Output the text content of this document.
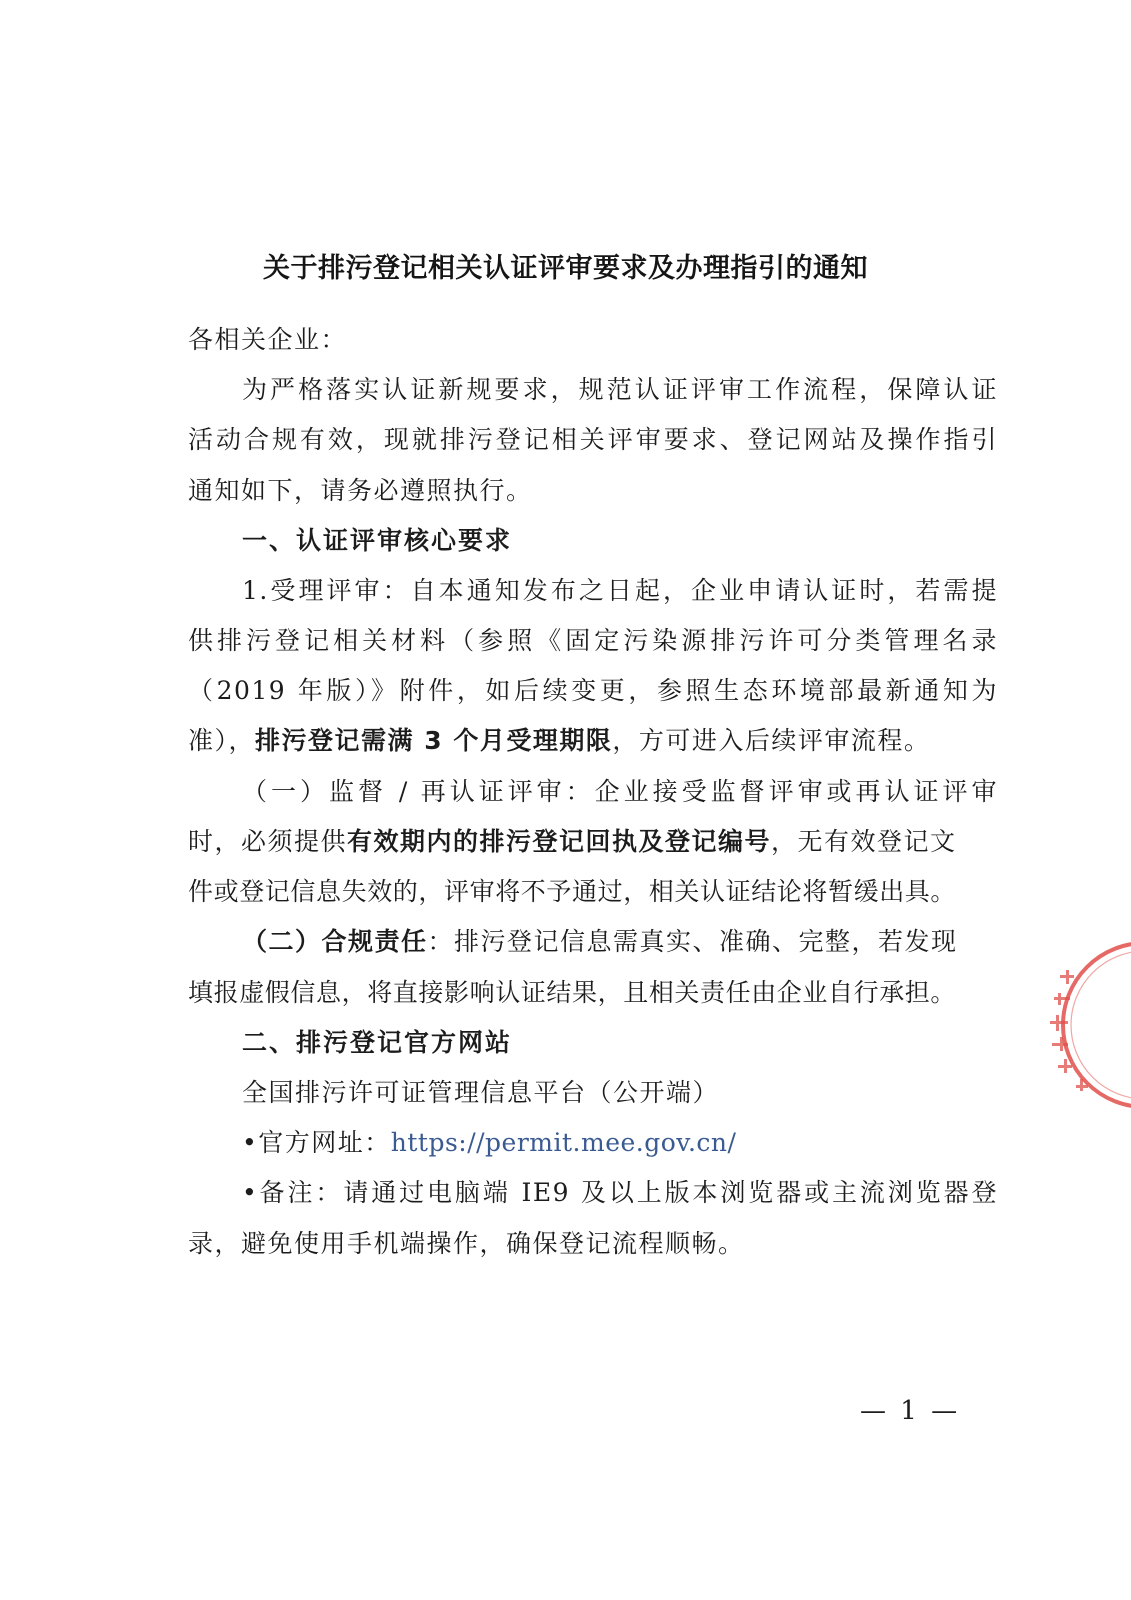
关于排污登记相关认证评审要求及办理指引的通知
各相关企业：
为严格落实认证新规要求，规范认证评审工作流程，保障认证
活动合规有效，现就排污登记相关评审要求、登记网站及操作指引
通知如下，请务必遵照执行。
一、认证评审核心要求
1.受理评审：自本通知发布之日起，企业申请认证时，若需提
供排污登记相关材料（参照《固定污染源排污许可分类管理名录
（2019 年版）》附件，如后续变更，参照生态环境部最新通知为
准），排污登记需满 3 个月受理期限，方可进入后续评审流程。
（一）监督 / 再认证评审：企业接受监督评审或再认证评审
时，必须提供有效期内的排污登记回执及登记编号，无有效登记文
件或登记信息失效的，评审将不予通过，相关认证结论将暂缓出具。
（二）合规责任：排污登记信息需真实、准确、完整，若发现
填报虚假信息，将直接影响认证结果，且相关责任由企业自行承担。
二、排污登记官方网站
全国排污许可证管理信息平台（公开端）
•官方网址：https://permit.mee.gov.cn/
•备注：请通过电脑端 IE9 及以上版本浏览器或主流浏览器登
录，避免使用手机端操作，确保登记流程顺畅。
— 1 —
